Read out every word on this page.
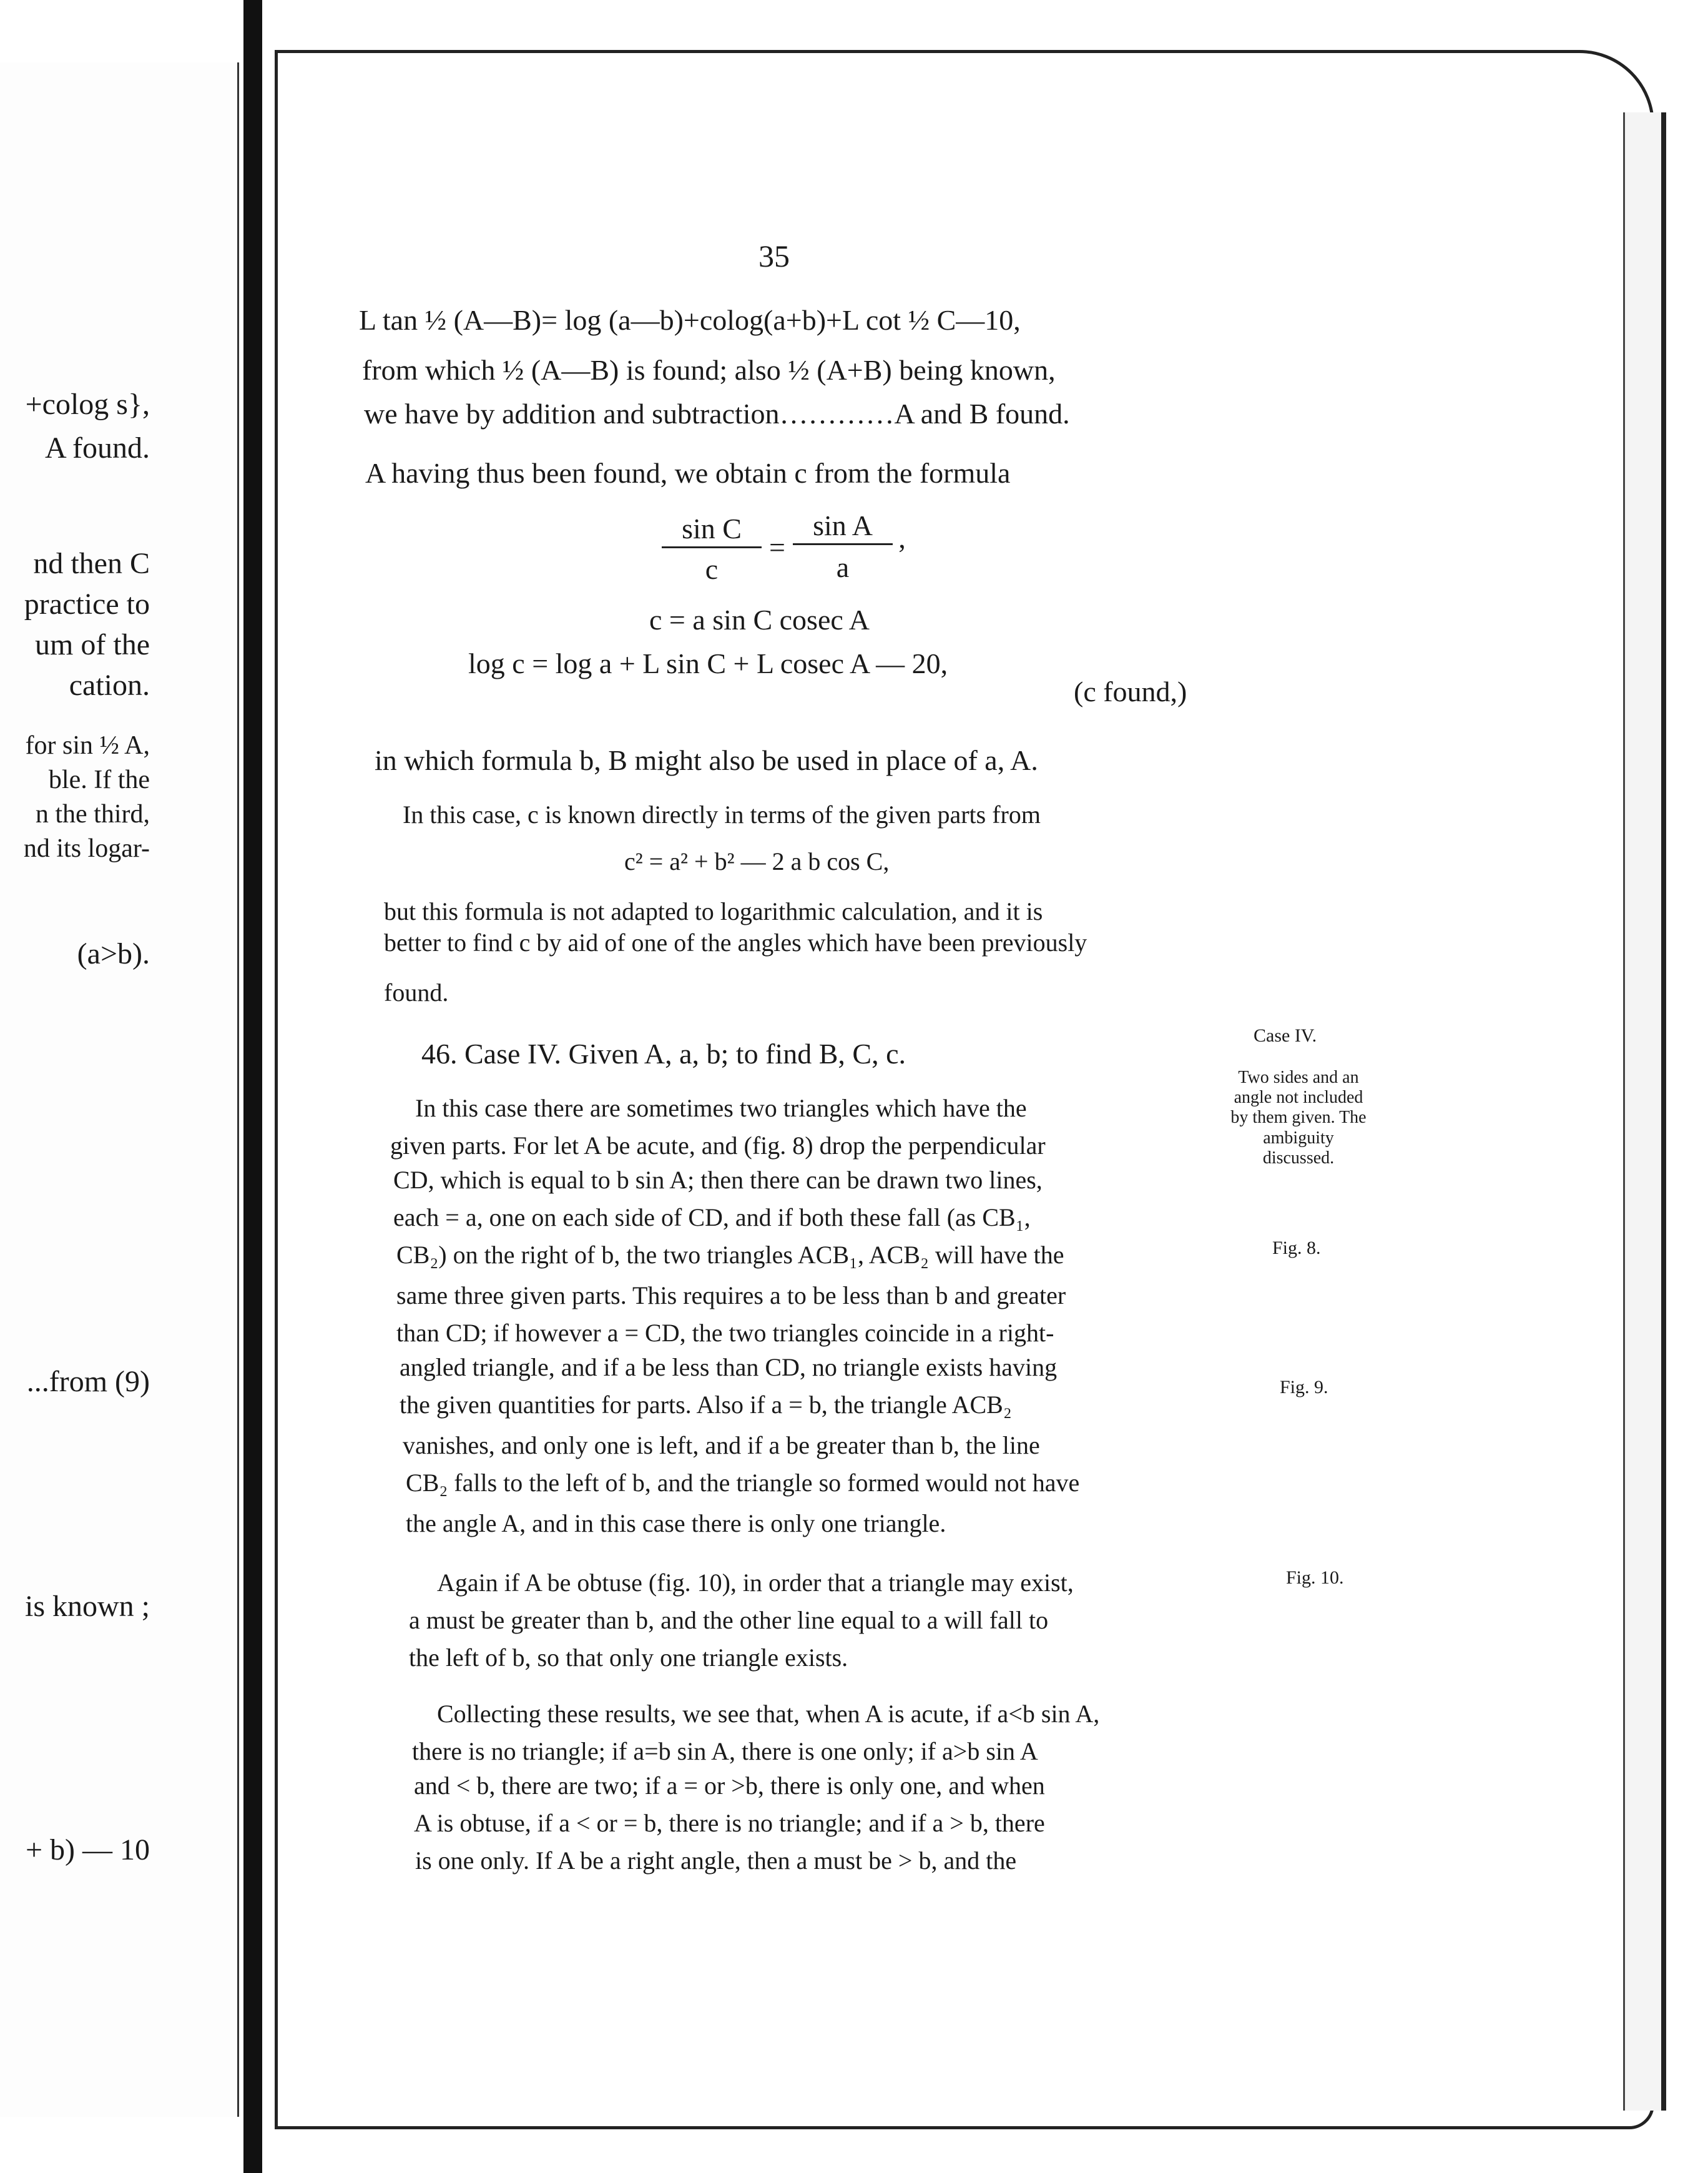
+colog s},
A found.
nd then C
practice to
um of the
cation.
for sin ½ A,
ble. If the
n the third,
nd its logar-
(a>b).
...from (9)
is known ;
+ b) — 10
35
L tan ½ (A—B)= log (a—b)+colog(a+b)+L cot ½ C—10,
from which ½ (A—B) is found; also ½ (A+B) being known,
we have by addition and subtraction…………A and B found.
A having thus been found, we obtain c from the formula
sin C
c
=
sin A
a
,
c = a sin C cosec A
log c = log a + L sin C + L cosec A — 20,
(c found,)
in which formula b, B might also be used in place of a, A.
In this case, c is known directly in terms of the given parts from
c² = a² + b² — 2 a b cos C,
but this formula is not adapted to logarithmic calculation, and it is
better to find c by aid of one of the angles which have been previously
found.
46. Case IV. Given A, a, b; to find B, C, c.
In this case there are sometimes two triangles which have the
given parts. For let A be acute, and (fig. 8) drop the perpendicular
CD, which is equal to b sin A; then there can be drawn two lines,
each = a, one on each side of CD, and if both these fall (as CB₁,
CB₂) on the right of b, the two triangles ACB₁, ACB₂ will have the
same three given parts. This requires a to be less than b and greater
than CD; if however a = CD, the two triangles coincide in a right-
angled triangle, and if a be less than CD, no triangle exists having
the given quantities for parts. Also if a = b, the triangle ACB₂
vanishes, and only one is left, and if a be greater than b, the line
CB₂ falls to the left of b, and the triangle so formed would not have
the angle A, and in this case there is only one triangle.
Again if A be obtuse (fig. 10), in order that a triangle may exist,
a must be greater than b, and the other line equal to a will fall to
the left of b, so that only one triangle exists.
Collecting these results, we see that, when A is acute, if a<b sin A,
there is no triangle; if a=b sin A, there is one only; if a>b sin A
and < b, there are two; if a = or >b, there is only one, and when
A is obtuse, if a < or = b, there is no triangle; and if a > b, there
is one only. If A be a right angle, then a must be > b, and the
Case IV.
Two sides and an angle not included by them given. The ambiguity discussed.
Fig. 8.
Fig. 9.
Fig. 10.
